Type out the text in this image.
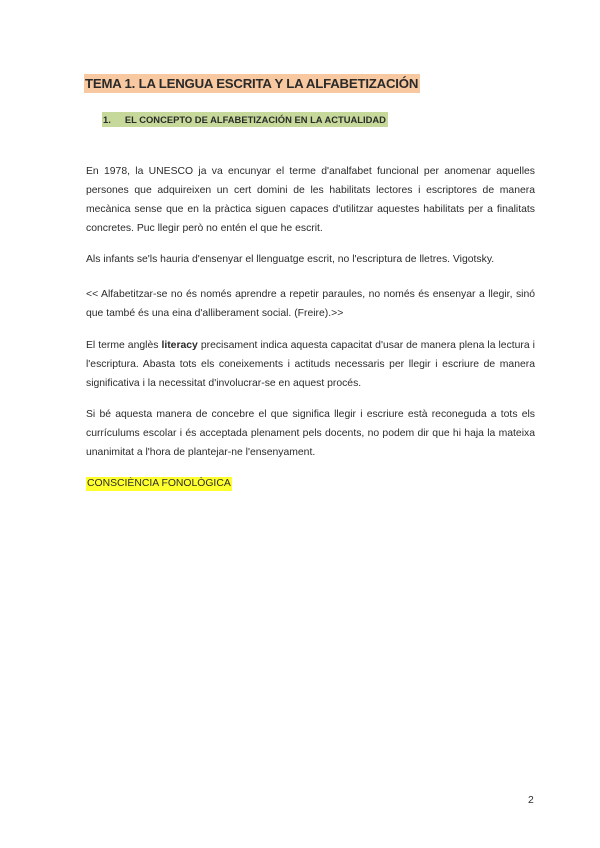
TEMA 1. LA LENGUA ESCRITA Y LA ALFABETIZACIÓN
1. EL CONCEPTO DE ALFABETIZACIÓN EN LA ACTUALIDAD
En 1978, la UNESCO ja va encunyar el terme d'analfabet funcional per anomenar aquelles persones que adquireixen un cert domini de les habilitats lectores i escriptores de manera mecànica sense que en la pràctica siguen capaces d'utilitzar aquestes habilitats per a finalitats concretes. Puc llegir però no entén el que he escrit.
Als infants se'ls hauria d'ensenyar el llenguatge escrit, no l'escriptura de lletres. Vigotsky.
<< Alfabetitzar-se no és només aprendre a repetir paraules, no només és ensenyar a llegir, sinó que també és una eina d'alliberament social. (Freire).>>
El terme anglès literacy precisament indica aquesta capacitat d'usar de manera plena la lectura i l'escriptura. Abasta tots els coneixements i actituds necessaris per llegir i escriure de manera significativa i la necessitat d'involucrar-se en aquest procés.
Si bé aquesta manera de concebre el que significa llegir i escriure està reconeguda a tots els currículums escolar i és acceptada plenament pels docents, no podem dir que hi haja la mateixa unanimitat a l'hora de plantejar-ne l'ensenyament.
CONSCIÈNCIA FONOLÒGICA
2
